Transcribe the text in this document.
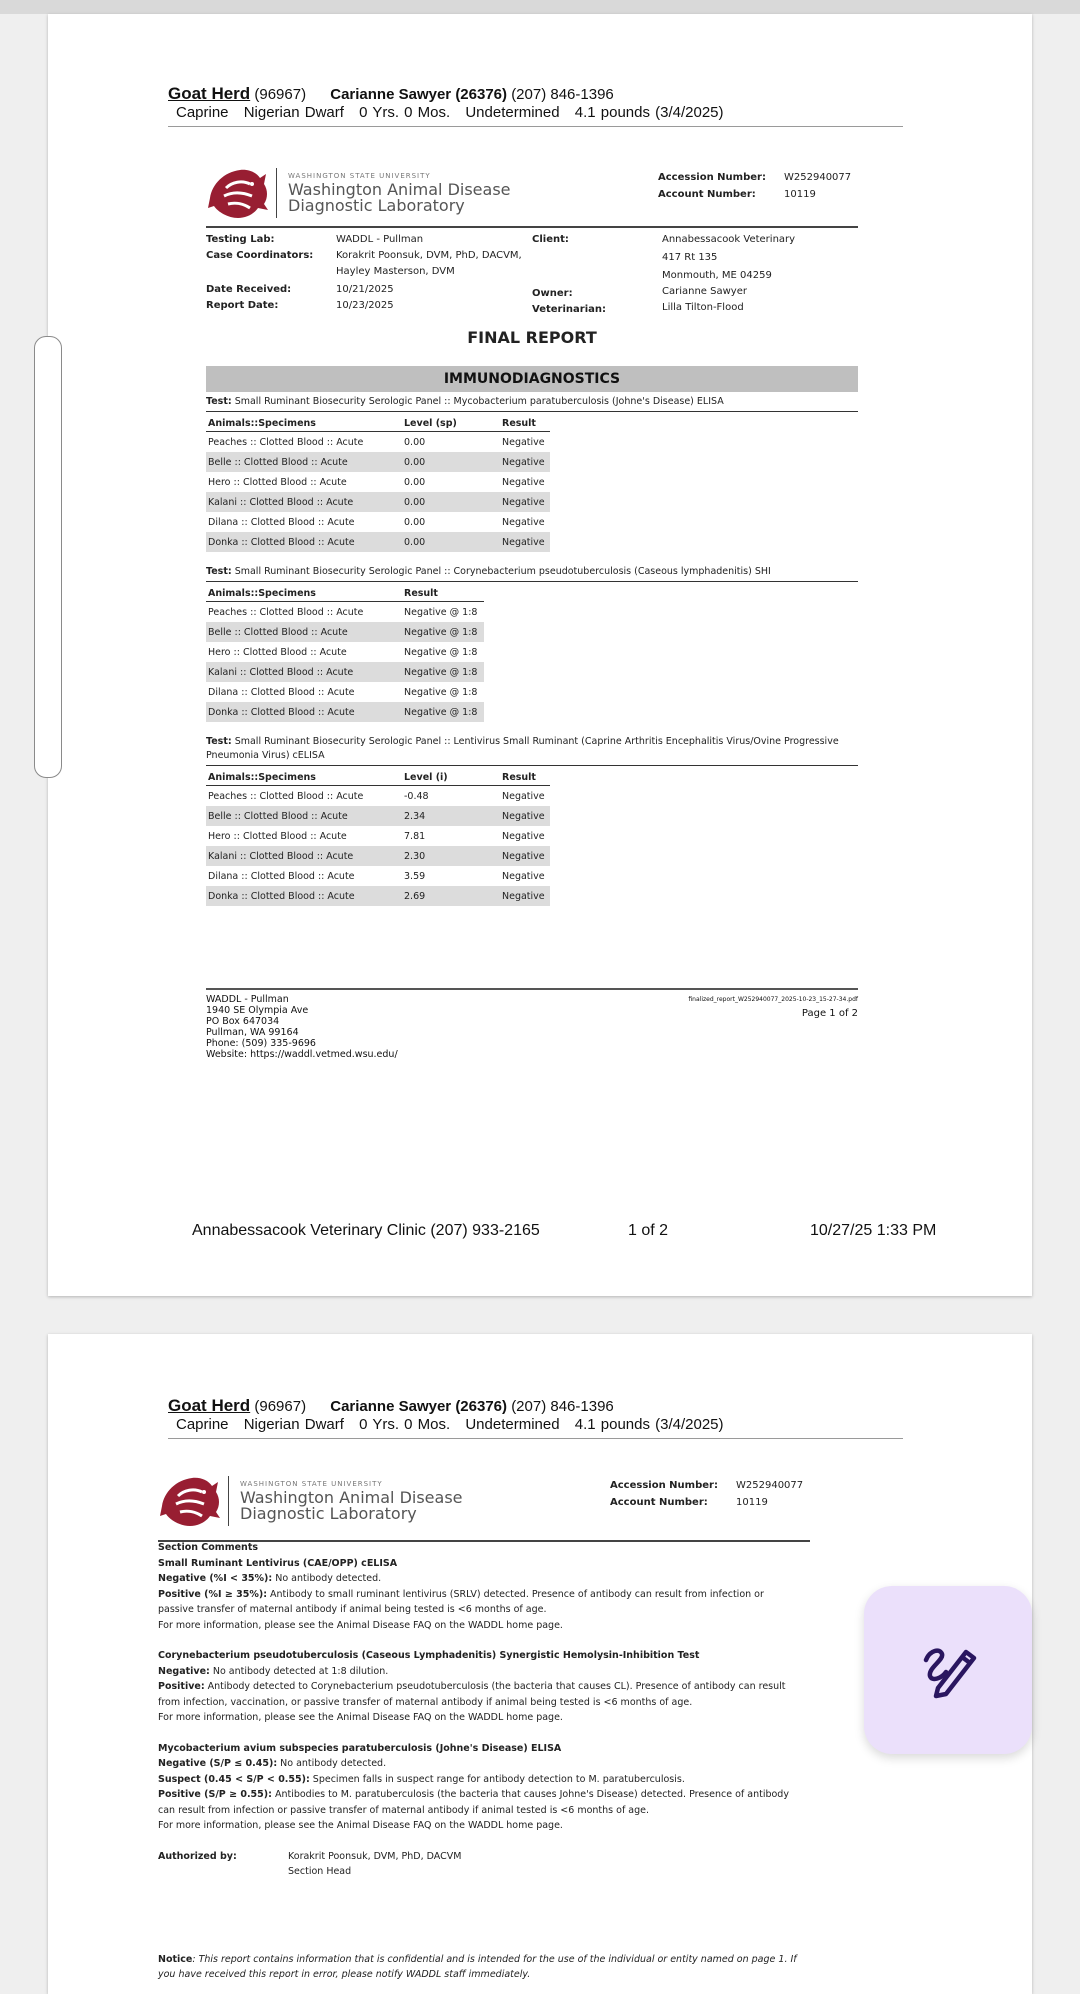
Goat Herd (96967) Carianne Sawyer (26376) (207) 846-1396
Caprine Nigerian Dwarf 0 Yrs. 0 Mos. Undetermined 4.1 pounds (3/4/2025)
WASHINGTON STATE UNIVERSITY
Washington Animal Disease
Diagnostic Laboratory
Accession Number: W252940077
Account Number:	10119
Testing Lab:	WADDL - Pullman
Case Coordinators: Korakrit Poonsuk, DVM, PhD, DACVM,
Hayley Masterson, DVM
Date Received:	10/21/2025
Report Date:	10/23/2025
Client:	Annabessacook Veterinary
417 Rt 135
Monmouth, ME 04259
Owner:	Carianne Sawyer
Veterinarian:	Lilla Tilton-Flood
FINAL REPORT
IMMUNODIAGNOSTICS
Test: Small Ruminant Biosecurity Serologic Panel :: Mycobacterium paratuberculosis (Johne's Disease) ELISA
Animals::Specimens	Level (sp)	Result
Peaches :: Clotted Blood :: Acute	0.00	Negative
Belle :: Clotted Blood :: Acute	0.00	Negative
Hero :: Clotted Blood :: Acute	0.00	Negative
Kalani :: Clotted Blood :: Acute	0.00	Negative
Dilana :: Clotted Blood :: Acute	0.00	Negative
Donka :: Clotted Blood :: Acute	0.00	Negative
Test: Small Ruminant Biosecurity Serologic Panel :: Corynebacterium pseudotuberculosis (Caseous lymphadenitis) SHI
Animals::Specimens	Result
Peaches :: Clotted Blood :: Acute	Negative @ 1:8
Belle :: Clotted Blood :: Acute	Negative @ 1:8
Hero :: Clotted Blood :: Acute	Negative @ 1:8
Kalani :: Clotted Blood :: Acute	Negative @ 1:8
Dilana :: Clotted Blood :: Acute	Negative @ 1:8
Donka :: Clotted Blood :: Acute	Negative @ 1:8
Test: Small Ruminant Biosecurity Serologic Panel :: Lentivirus Small Ruminant (Caprine Arthritis Encephalitis Virus/Ovine Progressive Pneumonia Virus) cELISA
Animals::Specimens	Level (i)	Result
Peaches :: Clotted Blood :: Acute	-0.48	Negative
Belle :: Clotted Blood :: Acute	2.34	Negative
Hero :: Clotted Blood :: Acute	7.81	Negative
Kalani :: Clotted Blood :: Acute	2.30	Negative
Dilana :: Clotted Blood :: Acute	3.59	Negative
Donka :: Clotted Blood :: Acute	2.69	Negative
WADDL - Pullman
1940 SE Olympia Ave
PO Box 647034
Pullman, WA 99164
Phone: (509) 335-9696
Website: https://waddl.vetmed.wsu.edu/
finalized_report_W252940077_2025-10-23_15-27-34.pdf
Page 1 of 2
Annabessacook Veterinary Clinic (207) 933-2165	1 of 2	10/27/25 1:33 PM
Goat Herd (96967) Carianne Sawyer (26376) (207) 846-1396
Caprine Nigerian Dwarf 0 Yrs. 0 Mos. Undetermined 4.1 pounds (3/4/2025)
WASHINGTON STATE UNIVERSITY
Washington Animal Disease
Diagnostic Laboratory
Accession Number: W252940077
Account Number:	10119

Section Comments

Small Ruminant Lentivirus (CAE/OPP) cELISA

Negative (%I < 35%): No antibody detected.

Positive (%I ≥ 35%): Antibody to small ruminant lentivirus (SRLV) detected. Presence of antibody can result from infection or

passive transfer of maternal antibody if animal being tested is <6 months of age.

For more information, please see the Animal Disease FAQ on the WADDL home page.

Corynebacterium pseudotuberculosis (Caseous Lymphadenitis) Synergistic Hemolysin-Inhibition Test

Negative: No antibody detected at 1:8 dilution.

Positive: Antibody detected to Corynebacterium pseudotuberculosis (the bacteria that causes CL). Presence of antibody can result

from infection, vaccination, or passive transfer of maternal antibody if animal being tested is <6 months of age.

For more information, please see the Animal Disease FAQ on the WADDL home page.

Mycobacterium avium subspecies paratuberculosis (Johne's Disease) ELISA

Negative (S/P ≤ 0.45): No antibody detected.

Suspect (0.45 < S/P < 0.55): Specimen falls in suspect range for antibody detection to M. paratuberculosis.

Positive (S/P ≥ 0.55): Antibodies to M. paratuberculosis (the bacteria that causes Johne's Disease) detected. Presence of antibody

can result from infection or passive transfer of maternal antibody if animal tested is <6 months of age.

For more information, please see the Animal Disease FAQ on the WADDL home page.

Authorized by:	Korakrit Poonsuk, DVM, PhD, DACVM
Section Head
Notice: This report contains information that is confidential and is intended for the use of the individual or entity named on page 1. If
you have received this report in error, please notify WADDL staff immediately.
